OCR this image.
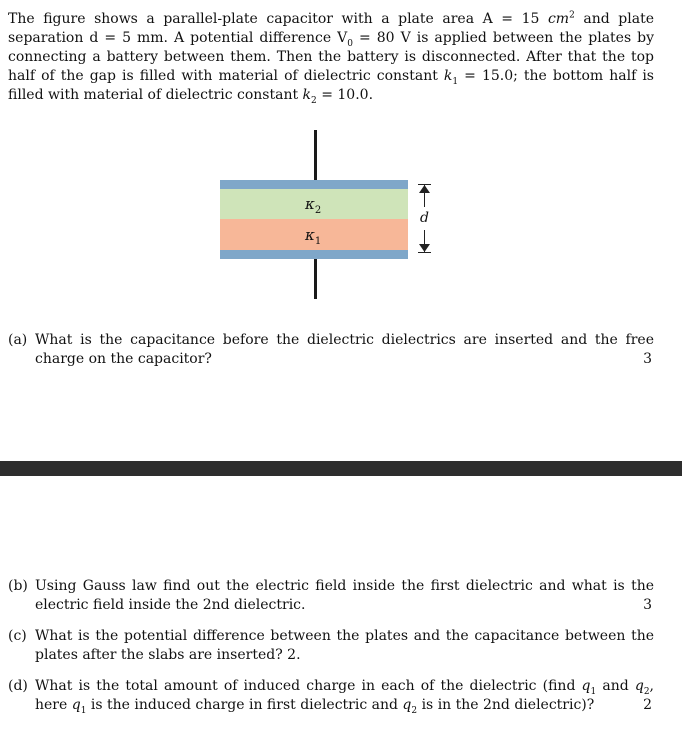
The figure shows a parallel-plate capacitor with a plate area A = 15 $cm^2$ and plate separation d = 5 mm. A potential difference $V_0 = 80$ V is applied between the plates by connecting a battery between them. Then the battery is disconnected. After that the top half of the gap is filled with material of dielectric constant $k_1 = 15.0$; the bottom half is filled with material of dielectric constant $k_2 = 10.0$.
$\kappa_2$
$\kappa_1$
d
(a) What is the capacitance before the dielectric dielectrics are inserted and the free charge on the capacitor?	3
(b) Using Gauss law find out the electric field inside the first dielectric and what is the electric field inside the 2nd dielectric.	3
(c) What is the potential difference between the plates and the capacitance between the plates after the slabs are inserted? 2.
(d) What is the total amount of induced charge in each of the dielectric (find $q_1$ and $q_2$, here $q_1$ is the induced charge in first dielectric and $q_2$ is in the 2nd dielectric)?	2
